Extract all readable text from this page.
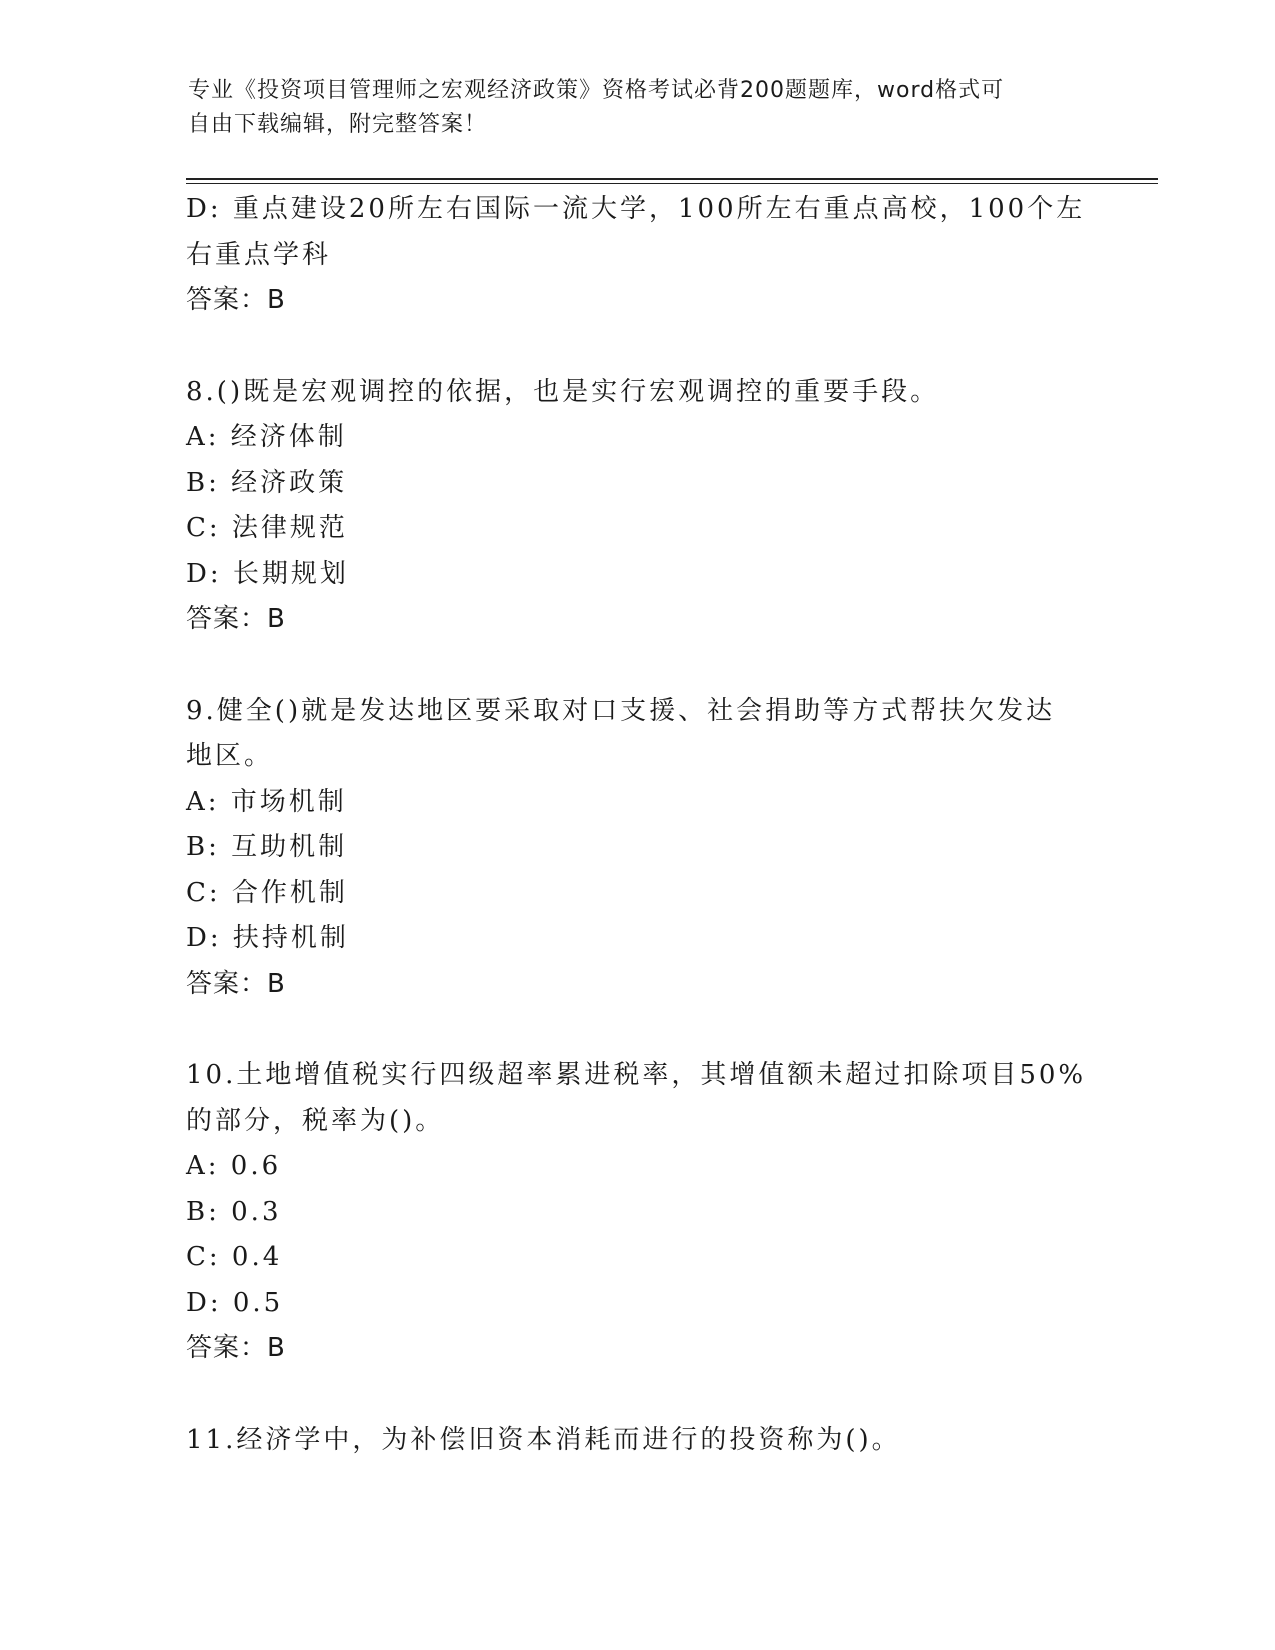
专业《投资项目管理师之宏观经济政策》资格考试必背200题题库，word格式可
自由下载编辑，附完整答案！
D: 重点建设20所左右国际一流大学，100所左右重点高校，100个左
右重点学科
答案：B
8.()既是宏观调控的依据，也是实行宏观调控的重要手段。
A: 经济体制
B: 经济政策
C: 法律规范
D: 长期规划
答案：B
9.健全()就是发达地区要采取对口支援、社会捐助等方式帮扶欠发达
地区。
A: 市场机制
B: 互助机制
C: 合作机制
D: 扶持机制
答案：B
10.土地增值税实行四级超率累进税率，其增值额未超过扣除项目50%
的部分，税率为()。
A: 0.6
B: 0.3
C: 0.4
D: 0.5
答案：B
11.经济学中，为补偿旧资本消耗而进行的投资称为()。
